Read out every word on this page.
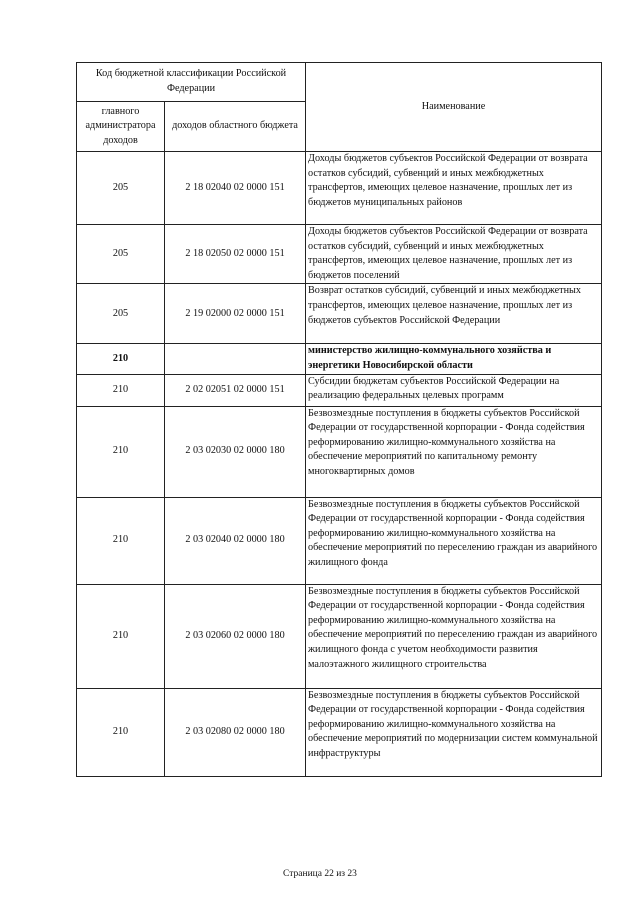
Код бюджетной классификации Российской Федерации		Наименование
главного администратора доходов	доходов областного бюджета	
205	2 18 02040 02 0000 151	Доходы бюджетов субъектов Российской Федерации от возврата остатков субсидий, субвенций и иных межбюджетных трансфертов, имеющих целевое назначение, прошлых лет из бюджетов муниципальных районов
205	2 18 02050 02 0000 151	Доходы бюджетов субъектов Российской Федерации от возврата остатков субсидий, субвенций и иных межбюджетных трансфертов, имеющих целевое назначение, прошлых лет из бюджетов поселений
205	2 19 02000 02 0000 151	Возврат остатков субсидий, субвенций и иных межбюджетных трансфертов, имеющих целевое назначение, прошлых лет из бюджетов субъектов Российской Федерации
210		министерство жилищно-коммунального хозяйства и энергетики Новосибирской области
210	2 02 02051 02 0000 151	Субсидии бюджетам субъектов Российской Федерации на реализацию федеральных целевых программ
210	2 03 02030 02 0000 180	Безвозмездные поступления в бюджеты субъектов Российской Федерации от государственной корпорации - Фонда содействия реформированию жилищно-коммунального хозяйства на обеспечение мероприятий по капитальному ремонту многоквартирных домов
210	2 03 02040 02 0000 180	Безвозмездные поступления в бюджеты субъектов Российской Федерации от государственной корпорации - Фонда содействия реформированию жилищно-коммунального хозяйства на обеспечение мероприятий по переселению граждан из аварийного жилищного фонда
210	2 03 02060 02 0000 180	Безвозмездные поступления в бюджеты субъектов Российской Федерации от государственной корпорации - Фонда содействия реформированию жилищно-коммунального хозяйства на обеспечение мероприятий по переселению граждан из аварийного жилищного фонда с учетом необходимости развития малоэтажного жилищного строительства
210	2 03 02080 02 0000 180	Безвозмездные поступления в бюджеты субъектов Российской Федерации от государственной корпорации - Фонда содействия реформированию жилищно-коммунального хозяйства на обеспечение мероприятий по модернизации систем коммунальной инфраструктуры
Страница 22 из 23
